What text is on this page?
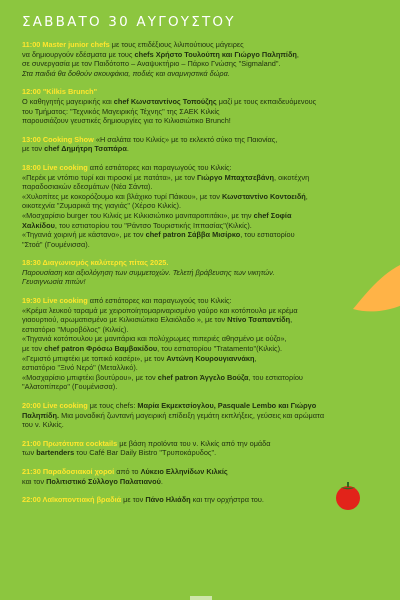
ΣΑΒΒΑΤΟ 30 ΑΥΓΟΥΣΤΟΥ

11:00 Master junior chefs με τους επιδέξιους λιλιπούτιους μάγειρες

να δημιουργούν εδέσματα με τους chefs Χρήστο Τουλούπη και Γιώργο Παληπίδη,

σε συνεργασία με τον Παιδότοπο – Αναψυκτήριο – Πάρκο Γνώσης "Sigmaland".

Στα παιδιά θα δοθούν σκουφάκια, ποδιές και αναμνηστικά δώρα.

12:00 "Kilkis Brunch"

Ο καθηγητής μαγειρικής και chef Κωνσταντίνος Τοπούζης μαζί με τους εκπαιδευόμενους

του Τμήματος: "Τεχνικός Μαγειρικής Τέχνης" της ΣΑΕΚ Κιλκίς

παρουσιάζουν γευστικές δημιουργίες για το Κιλκισιώτικο Brunch!

13:00 Cooking Show «Η σαλάτα του Κιλκίς» με το εκλεκτό σύκο της Παιονίας,

με τον chef Δημήτρη Τσαπάρα.

18:00 Live cooking από εστιάτορες και παραγωγούς του Κιλκίς:

«Περέκ με ντόπιο τυρί και πιροσκί με πατάτα», με τον Γιώργο Μπαχτσεβάνη, οικοτέχνη

παραδοσιακών εδεσμάτων (Νέα Σάντα).

«Χυλοπίτες με κοκορόζουμο και βλάχικο τυρί Πάικου», με τον Κωνσταντίνο Κοντοειδή,

οικοτεχνία "Ζυμαρικά της γιαγιάς" (Χέρσο Κιλκίς).

«Μοσχαρίσιο burger του Κιλκίς με Κιλκισιώτικο μανιταροπιτάκι», με την chef Σοφία

Χαλκίδου, του εστιατορίου του "Ράντσο Τουριστικής Ιππασίας"(Κιλκίς).

«Τηγανιά χοιρινή με κάστανο», με τον chef patron Σάββα Μισίρκο, του εστιατορίου

"Στοά" (Γουμένισσα).

18:30 Διαγωνισμός καλύτερης πίτας 2025.

Παρουσίαση και αξιολόγηση των συμμετοχών. Τελετή βράβευσης των νικητών.

Γευσιγνωσία πιτών!

19:30 Live cooking από εστιάτορες και παραγωγούς του Κιλκίς:

«Κρέμα λευκού ταραμά με χειροποίητομαριναρισμένο γαύρο και κοτόπουλο με κρέμα

γιαουρτιού, αρωματισμένο με Κιλκισιώτικο Ελαιόλαδο », με τον Ντίνο Τσαπαντίδη,

εστιατόριο "Μυροβόλος" (Κιλκίς).

«Τηγανιά κοτόπουλου με μανιτάρια και πολύχρωμες πιπεριές αθησμένο με ούζο»,

με τον chef patron Φρόσω Βαμβακίδου, του εστιατορίου "Tratamento"(Κιλκίς).

«Γεμιστό μπιφτέκι με τοπικό κασέρι», με τον Αντώνη Κουρουγιαννάκη,

εστιατόριο "Ξινό Νερό" (Μεταλλικό).

«Μοσχαρίσιο μπιφτέκι βουτύρου», με τον chef patron Άγγελο Βούζα, του εστιατορίου

"Αλατοπίπερο" (Γουμένισσα).

20:00 Live cooking με τους chefs: Μαρία Εκμεκτσίογλου, Pasquale Lembo και Γιώργο

Παληπίδη. Μια μοναδική ζωντανή μαγειρική επίδειξη γεμάτη εκπλήξεις, γεύσεις και αρώματα

του ν. Κιλκίς.

21:00 Πρωτότυπα cocktails με βάση προϊόντα του ν. Κιλκίς από την ομάδα

των bartenders του Café Bar Daily Bistro "Τρυποκάρυδος".

21:30 Παραδοσιακοί χοροί από το Λύκειο Ελληνίδων Κιλκίς

και τον Πολιτιστικό Σύλλογο Παλατιανού.

22:00 Λαϊκοποντιακή βραδιά με τον Πάνο Ηλιάδη και την ορχήστρα του.
